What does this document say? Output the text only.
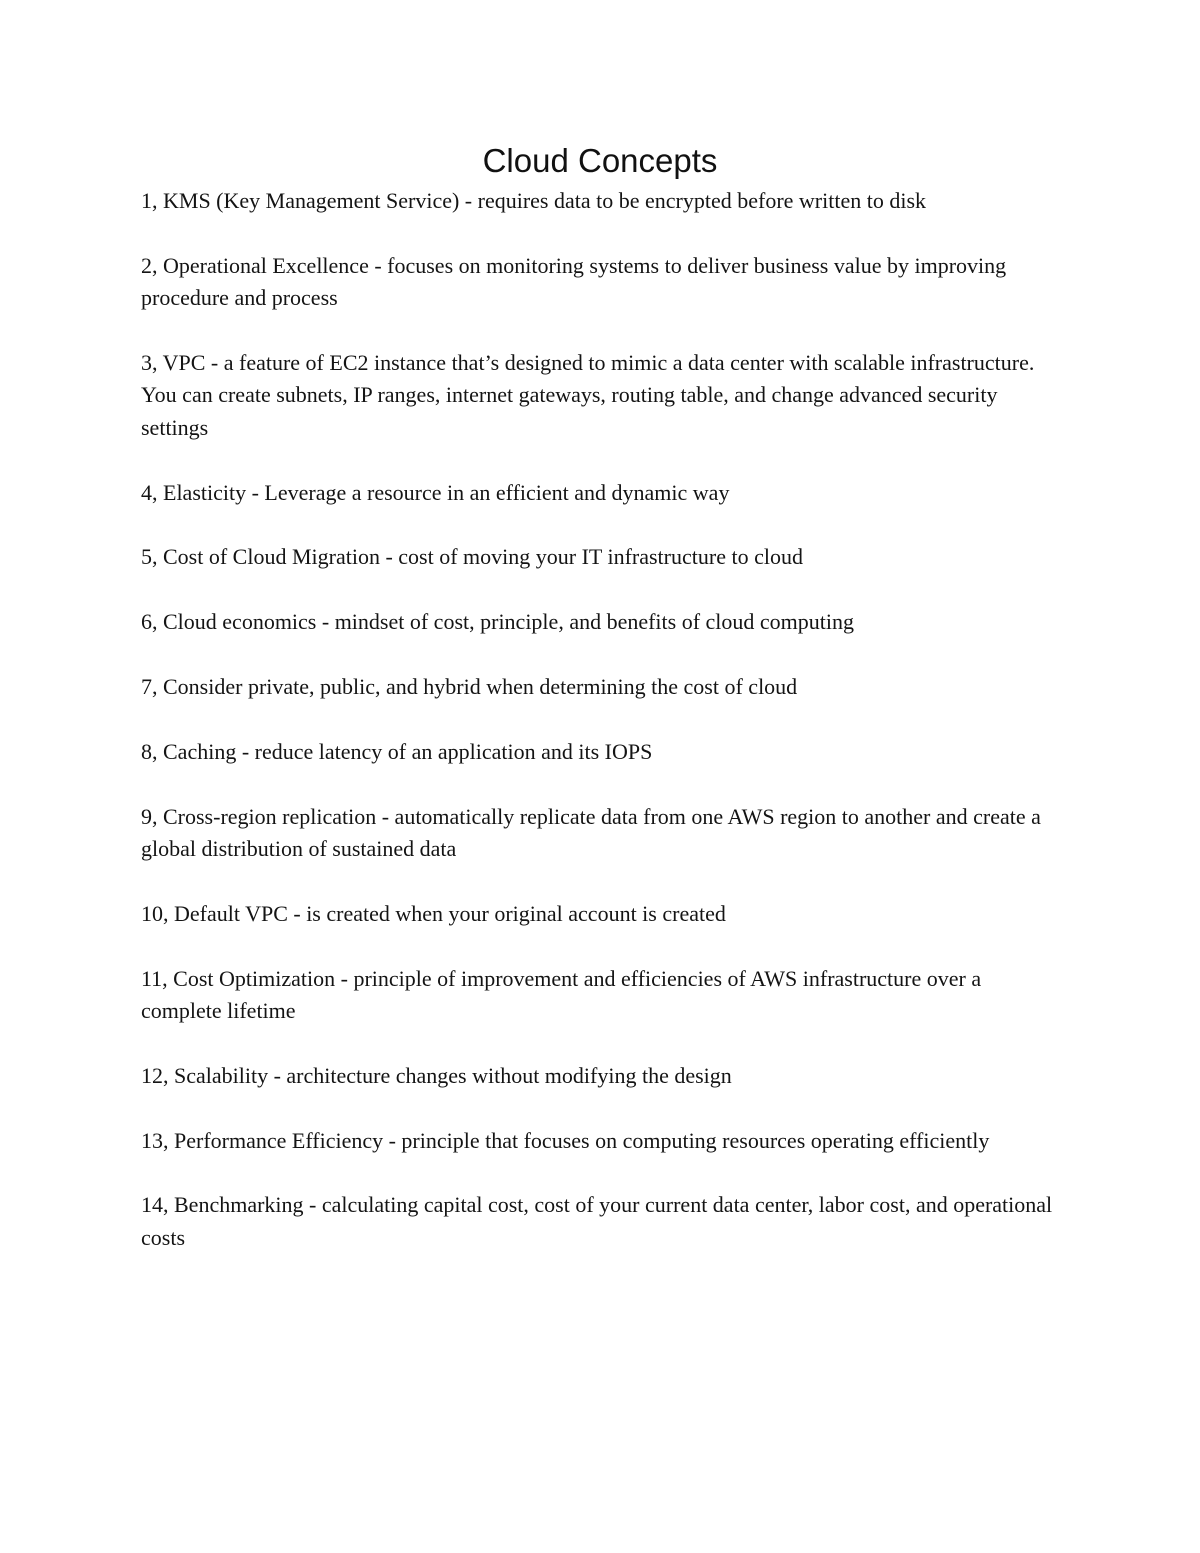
Cloud Concepts
1, KMS (Key Management Service) - requires data to be encrypted before written to disk
2, Operational Excellence - focuses on monitoring systems to deliver business value by improving procedure and process
3, VPC - a feature of EC2 instance that’s designed to mimic a data center with scalable infrastructure. You can create subnets, IP ranges, internet gateways, routing table, and change advanced security settings
4, Elasticity - Leverage a resource in an efficient and dynamic way
5, Cost of Cloud Migration - cost of moving your IT infrastructure to cloud
6, Cloud economics - mindset of cost, principle, and benefits of cloud computing
7, Consider private, public, and hybrid when determining the cost of cloud
8, Caching - reduce latency of an application and its IOPS
9, Cross-region replication - automatically replicate data from one AWS region to another and create a global distribution of sustained data
10, Default VPC - is created when your original account is created
11, Cost Optimization - principle of improvement and efficiencies of AWS infrastructure over a complete lifetime
12, Scalability - architecture changes without modifying the design
13, Performance Efficiency - principle that focuses on computing resources operating efficiently
14, Benchmarking - calculating capital cost, cost of your current data center, labor cost, and operational costs
